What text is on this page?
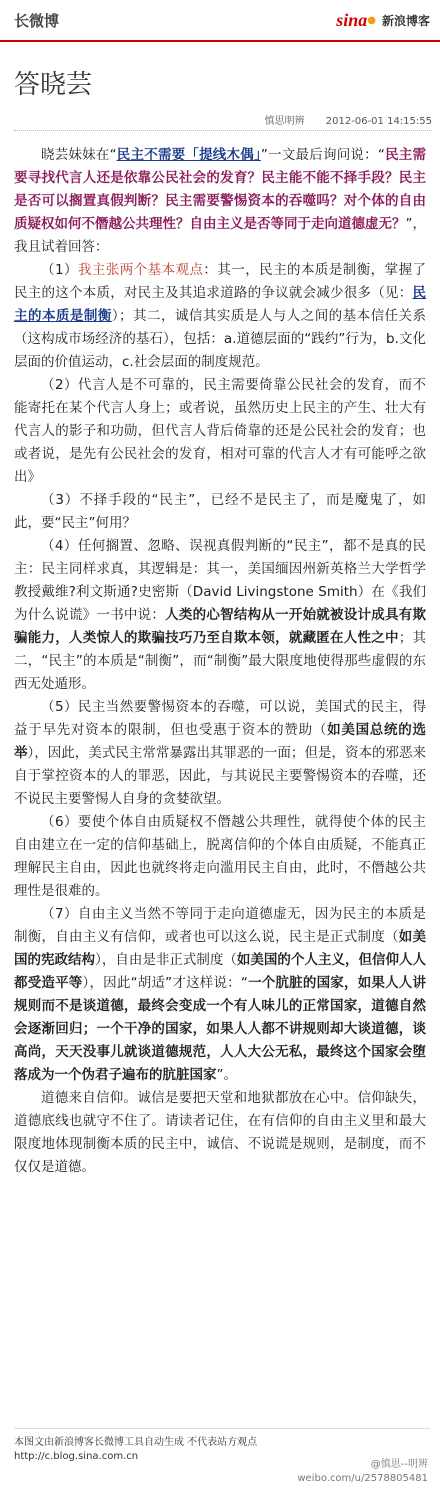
长微博	sina ● 新浪博客
答晓芸
慎思明辨 2012-06-01 14:15:55

晓芸妹妹在“民主不需要「提线木偶」”一文最后询问说：“民主需要寻找代言人还是依靠公民社会的发育？民主能不能不择手段？民主是否可以搁置真假判断？民主需要警惕资本的吞噬吗？对个体的自由质疑权如何不僭越公共理性？自由主义是否等同于走向道德虚无？”，我且试着回答：

（1）我主张两个基本观点：其一，民主的本质是制衡，掌握了民主的这个本质，对民主及其追求道路的争议就会减少很多（见：民主的本质是制衡）；其二，诚信其实质是人与人之间的基本信任关系（这构成市场经济的基石），包括：a.道德层面的“践约”行为，b.文化层面的价值运动，c.社会层面的制度规范。

（2）代言人是不可靠的，民主需要倚靠公民社会的发育，而不能寄托在某个代言人身上；或者说，虽然历史上民主的产生、壮大有代言人的影子和功勋，但代言人背后倚靠的还是公民社会的发育；也或者说，是先有公民社会的发育，相对可靠的代言人才有可能呼之欲出》

（3）不择手段的“民主”，已经不是民主了，而是魔鬼了，如此，要“民主”何用？

（4）任何搁置、忽略、误视真假判断的“民主”，都不是真的民主：民主同样求真，其逻辑是：其一，美国缅因州新英格兰大学哲学教授戴维?利文斯通?史密斯（David Livingstone Smith）在《我们为什么说谎》一书中说：人类的心智结构从一开始就被设计成具有欺骗能力，人类惊人的欺骗技巧乃至自欺本领，就藏匿在人性之中；其二，“民主”的本质是“制衡”，而“制衡”最大限度地使得那些虚假的东西无处遁形。

（5）民主当然要警惕资本的吞噬，可以说，美国式的民主，得益于早先对资本的限制，但也受惠于资本的赞助（如美国总统的选举），因此，美式民主常常暴露出其罪恶的一面；但是，资本的邪恶来自于掌控资本的人的罪恶，因此，与其说民主要警惕资本的吞噬，还不说民主要警惕人自身的贪婪欲望。

（6）要使个体自由质疑权不僭越公共理性，就得使个体的民主自由建立在一定的信仰基础上，脱离信仰的个体自由质疑，不能真正理解民主自由，因此也就终将走向滥用民主自由，此时，不僭越公共理性是很难的。

（7）自由主义当然不等同于走向道德虚无，因为民主的本质是制衡，自由主义有信仰，或者也可以这么说，民主是正式制度（如美国的宪政结构），自由是非正式制度（如美国的个人主义，但信仰人人都受造平等），因此“胡适”才这样说：“一个肮脏的国家，如果人人讲规则而不是谈道德，最终会变成一个有人味儿的正常国家，道德自然会逐渐回归；一个干净的国家，如果人人都不讲规则却大谈道德，谈高尚，天天没事儿就谈道德规范，人人大公无私，最终这个国家会堕落成为一个伪君子遍布的肮脏国家”。

道德来自信仰。诚信是要把天堂和地狱都放在心中。信仰缺失，道德底线也就守不住了。请读者记住，在有信仰的自由主义里和最大限度地体现制衡本质的民主中，诚信、不说谎是规则，是制度，而不仅仅是道德。

本图文由新浪博客长微博工具自动生成 不代表站方观点
http://c.blog.sina.com.cn
@慎思--明辨
weibo.com/u/2578805481
